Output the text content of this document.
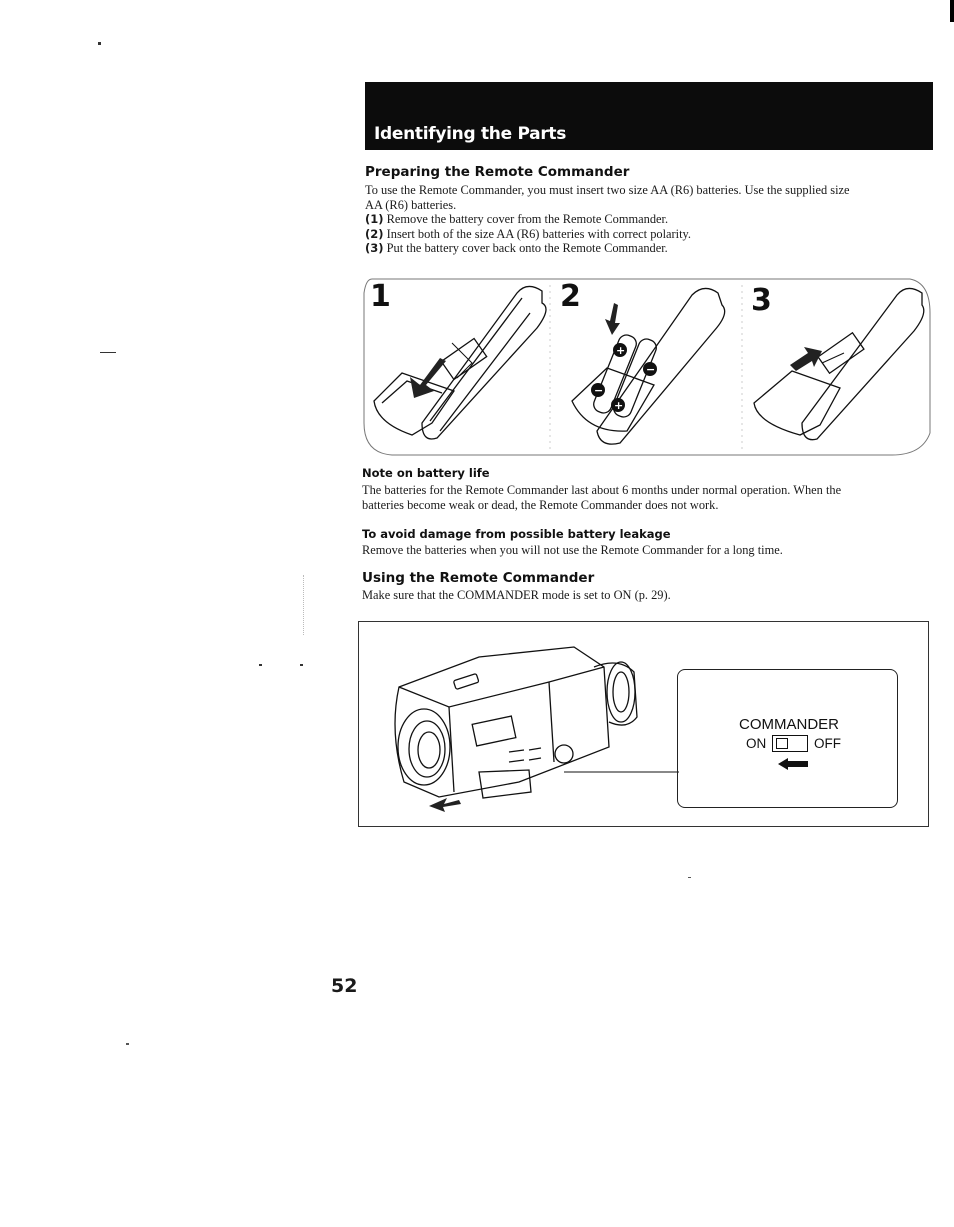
Identifying the Parts
Preparing the Remote Commander
To use the Remote Commander, you must insert two size AA (R6) batteries. Use the supplied size
AA (R6) batteries.
(1) Remove the battery cover from the Remote Commander.
(2) Insert both of the size AA (R6) batteries with correct polarity.
(3) Put the battery cover back onto the Remote Commander.
+
−
−
+
1	2	3
Note on battery life
The batteries for the Remote Commander last about 6 months under normal operation. When the
batteries become weak or dead, the Remote Commander does not work.
To avoid damage from possible battery leakage
Remove the batteries when you will not use the Remote Commander for a long time.
Using the Remote Commander
Make sure that the COMMANDER mode is set to ON (p. 29).
COMMANDER
ON	OFF
52
